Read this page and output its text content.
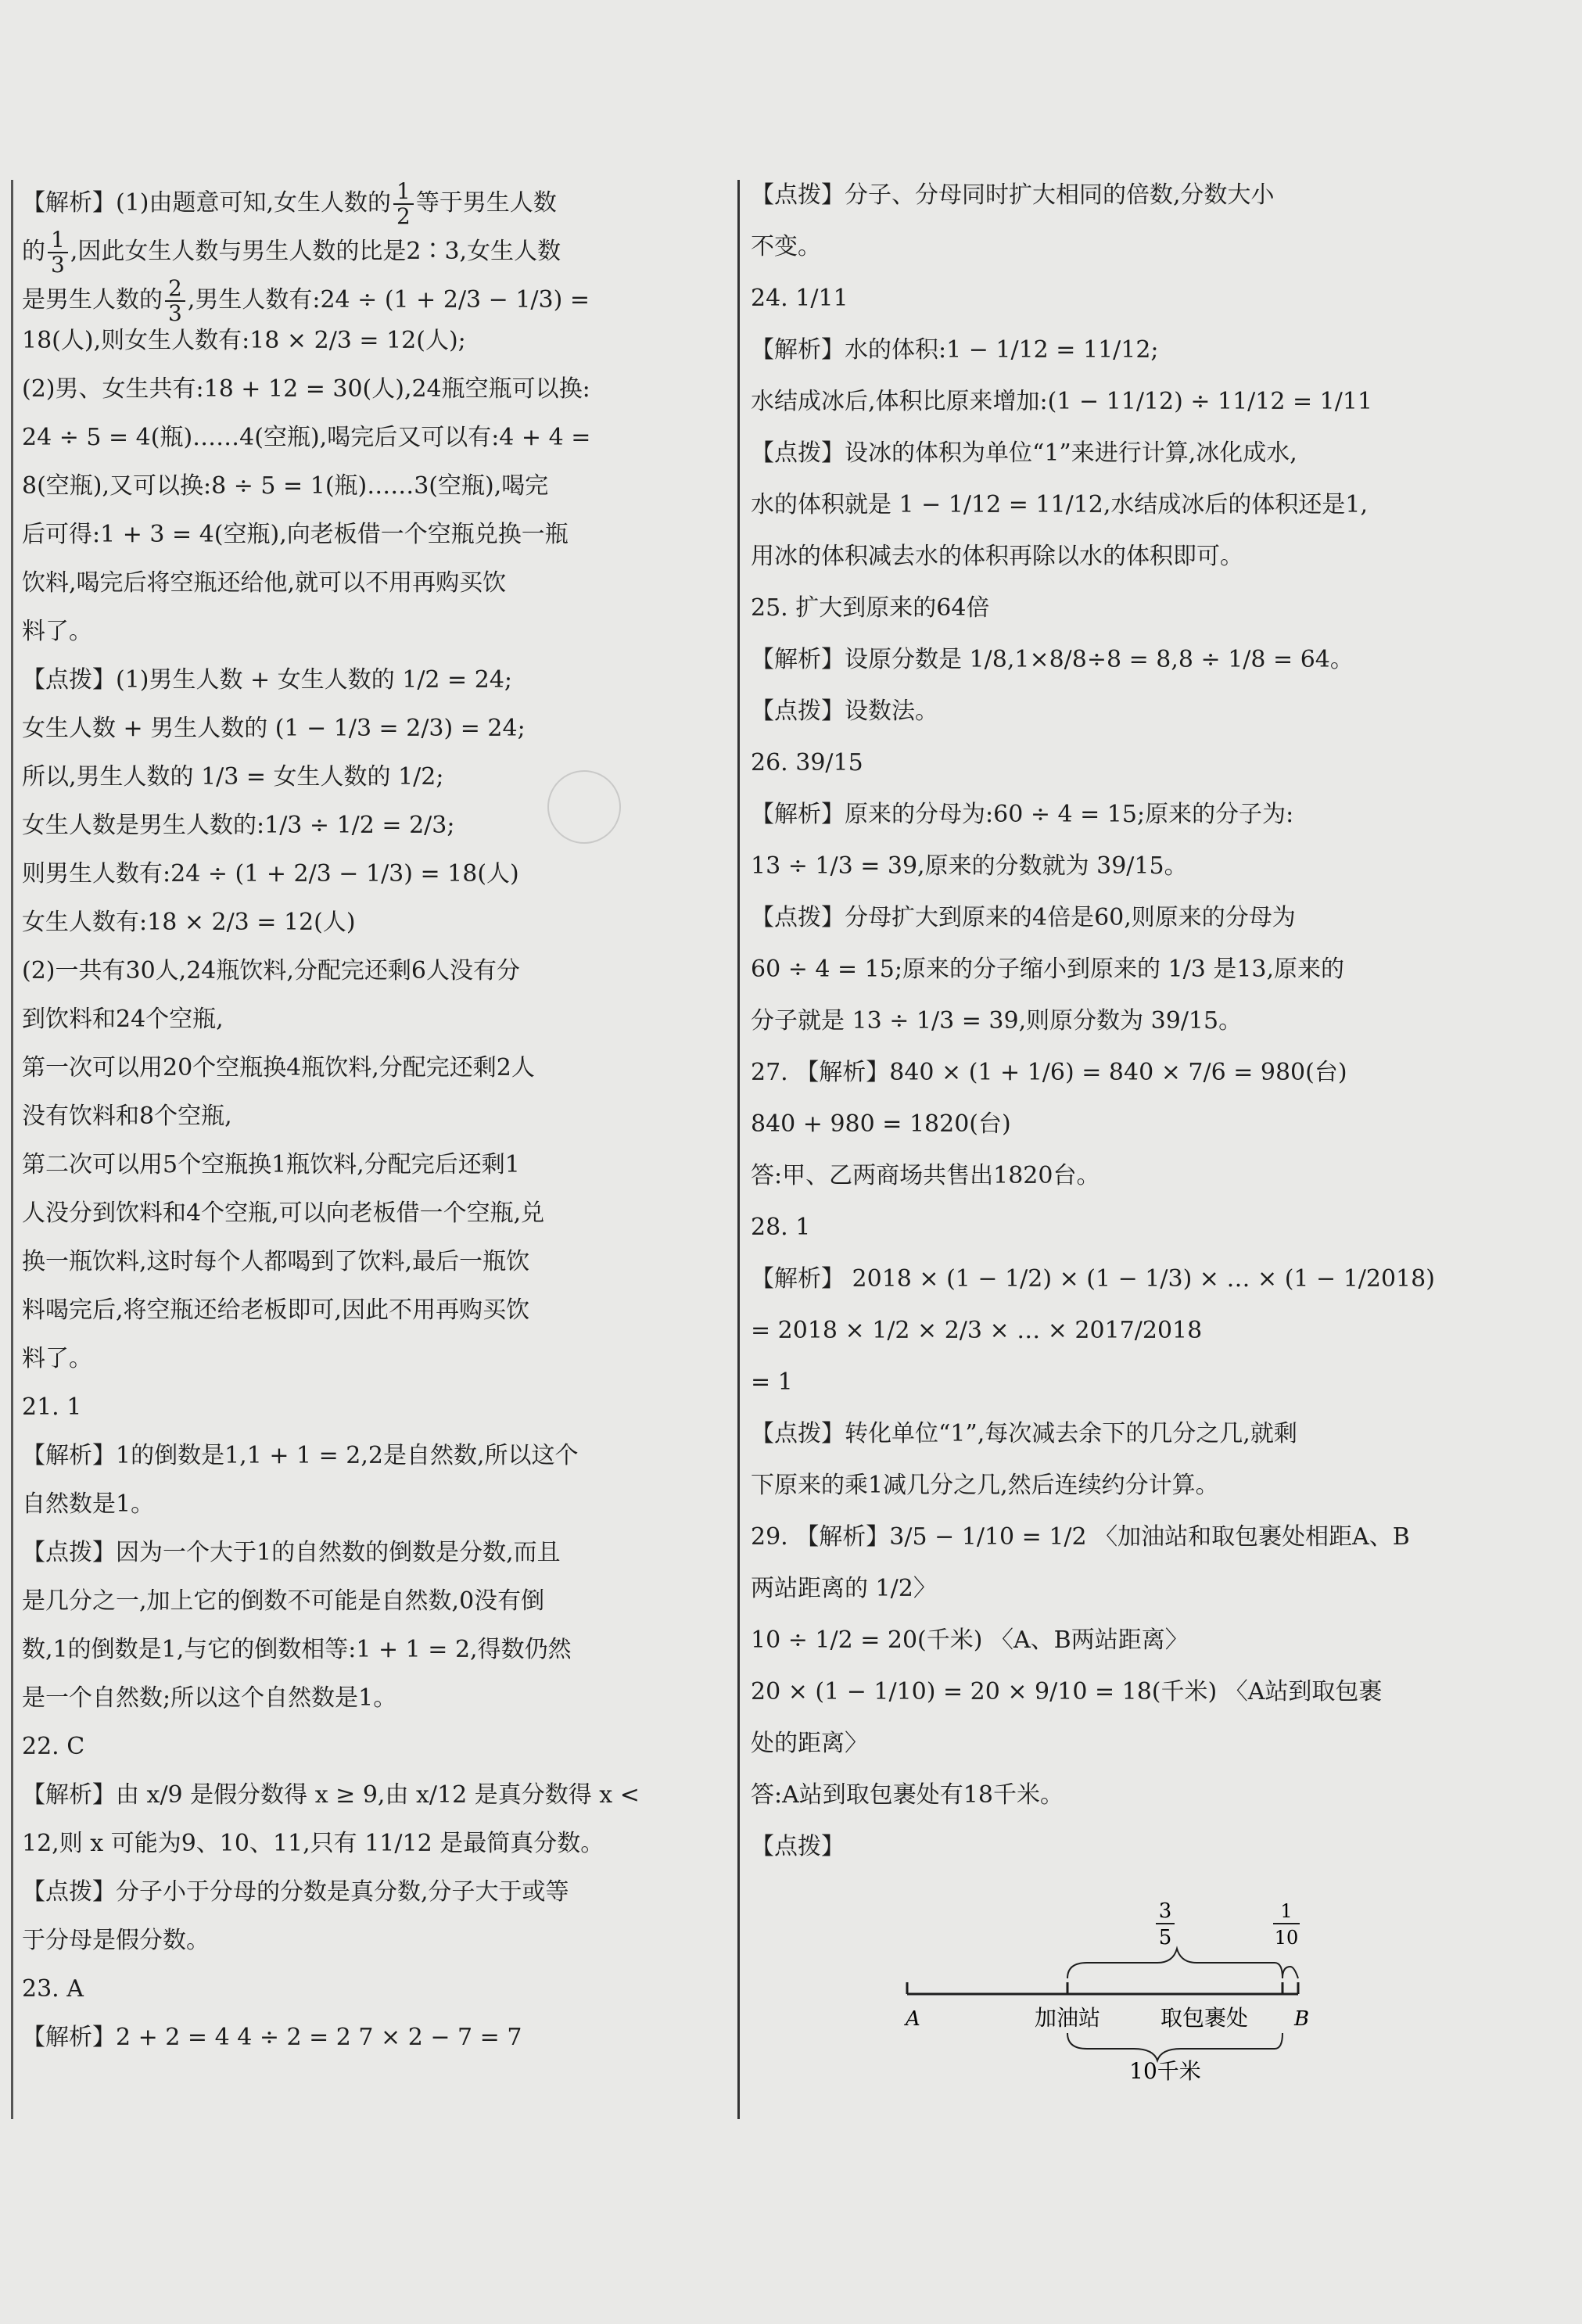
【解析】(1)由题意可知,女生人数的 $\frac{1}{2}$ 等于男生人数
的 $\frac{1}{3}$ ,因此女生人数与男生人数的比是2∶3,女生人数
是男生人数的 $\frac{2}{3}$ ,男生人数有:24 ÷ (1 + 2/3 − 1/3) =
18(人),则女生人数有:18 × 2/3 = 12(人);
(2)男、女生共有:18 + 12 = 30(人),24瓶空瓶可以换:
24 ÷ 5 = 4(瓶)……4(空瓶),喝完后又可以有:4 + 4 =
8(空瓶),又可以换:8 ÷ 5 = 1(瓶)……3(空瓶),喝完
后可得:1 + 3 = 4(空瓶),向老板借一个空瓶兑换一瓶
饮料,喝完后将空瓶还给他,就可以不用再购买饮
料了。
【点拨】(1)男生人数 + 女生人数的 1/2 = 24;
女生人数 + 男生人数的 (1 − 1/3 = 2/3) = 24;
所以,男生人数的 1/3 = 女生人数的 1/2;
女生人数是男生人数的:1/3 ÷ 1/2 = 2/3;
则男生人数有:24 ÷ (1 + 2/3 − 1/3) = 18(人)
女生人数有:18 × 2/3 = 12(人)
(2)一共有30人,24瓶饮料,分配完还剩6人没有分
到饮料和24个空瓶,
第一次可以用20个空瓶换4瓶饮料,分配完还剩2人
没有饮料和8个空瓶,
第二次可以用5个空瓶换1瓶饮料,分配完后还剩1
人没分到饮料和4个空瓶,可以向老板借一个空瓶,兑
换一瓶饮料,这时每个人都喝到了饮料,最后一瓶饮
料喝完后,将空瓶还给老板即可,因此不用再购买饮
料了。
21. 1
【解析】1的倒数是1,1 + 1 = 2,2是自然数,所以这个
自然数是1。
【点拨】因为一个大于1的自然数的倒数是分数,而且
是几分之一,加上它的倒数不可能是自然数,0没有倒
数,1的倒数是1,与它的倒数相等:1 + 1 = 2,得数仍然
是一个自然数;所以这个自然数是1。
22. C
【解析】由 x/9 是假分数得 x ≥ 9,由 x/12 是真分数得 x <
12,则 x 可能为9、10、11,只有 11/12 是最简真分数。
【点拨】分子小于分母的分数是真分数,分子大于或等
于分母是假分数。
23. A
【解析】2 + 2 = 4 4 ÷ 2 = 2 7 × 2 − 7 = 7
【点拨】分子、分母同时扩大相同的倍数,分数大小
不变。
24. 1/11
【解析】水的体积:1 − 1/12 = 11/12;
水结成冰后,体积比原来增加:(1 − 11/12) ÷ 11/12 = 1/11
【点拨】设冰的体积为单位“1”来进行计算,冰化成水,
水的体积就是 1 − 1/12 = 11/12,水结成冰后的体积还是1,
用冰的体积减去水的体积再除以水的体积即可。
25. 扩大到原来的64倍
【解析】设原分数是 1/8,1×8/8÷8 = 8,8 ÷ 1/8 = 64。
【点拨】设数法。
26. 39/15
【解析】原来的分母为:60 ÷ 4 = 15;原来的分子为:
13 ÷ 1/3 = 39,原来的分数就为 39/15。
【点拨】分母扩大到原来的4倍是60,则原来的分母为
60 ÷ 4 = 15;原来的分子缩小到原来的 1/3 是13,原来的
分子就是 13 ÷ 1/3 = 39,则原分数为 39/15。
27. 【解析】840 × (1 + 1/6) = 840 × 7/6 = 980(台)
840 + 980 = 1820(台)
答:甲、乙两商场共售出1820台。
28. 1
【解析】 2018 × (1 − 1/2) × (1 − 1/3) × … × (1 − 1/2018)
= 2018 × 1/2 × 2/3 × … × 2017/2018
= 1
【点拨】转化单位“1”,每次减去余下的几分之几,就剩
下原来的乘1减几分之几,然后连续约分计算。
29. 【解析】3/5 − 1/10 = 1/2 〈加油站和取包裹处相距A、B
两站距离的 1/2〉
10 ÷ 1/2 = 20(千米) 〈A、B两站距离〉
20 × (1 − 1/10) = 20 × 9/10 = 18(千米) 〈A站到取包裹
处的距离〉
答:A站到取包裹处有18千米。
【点拨】
3
5
1
10
A	加油站	取包裹处 B
10千米
